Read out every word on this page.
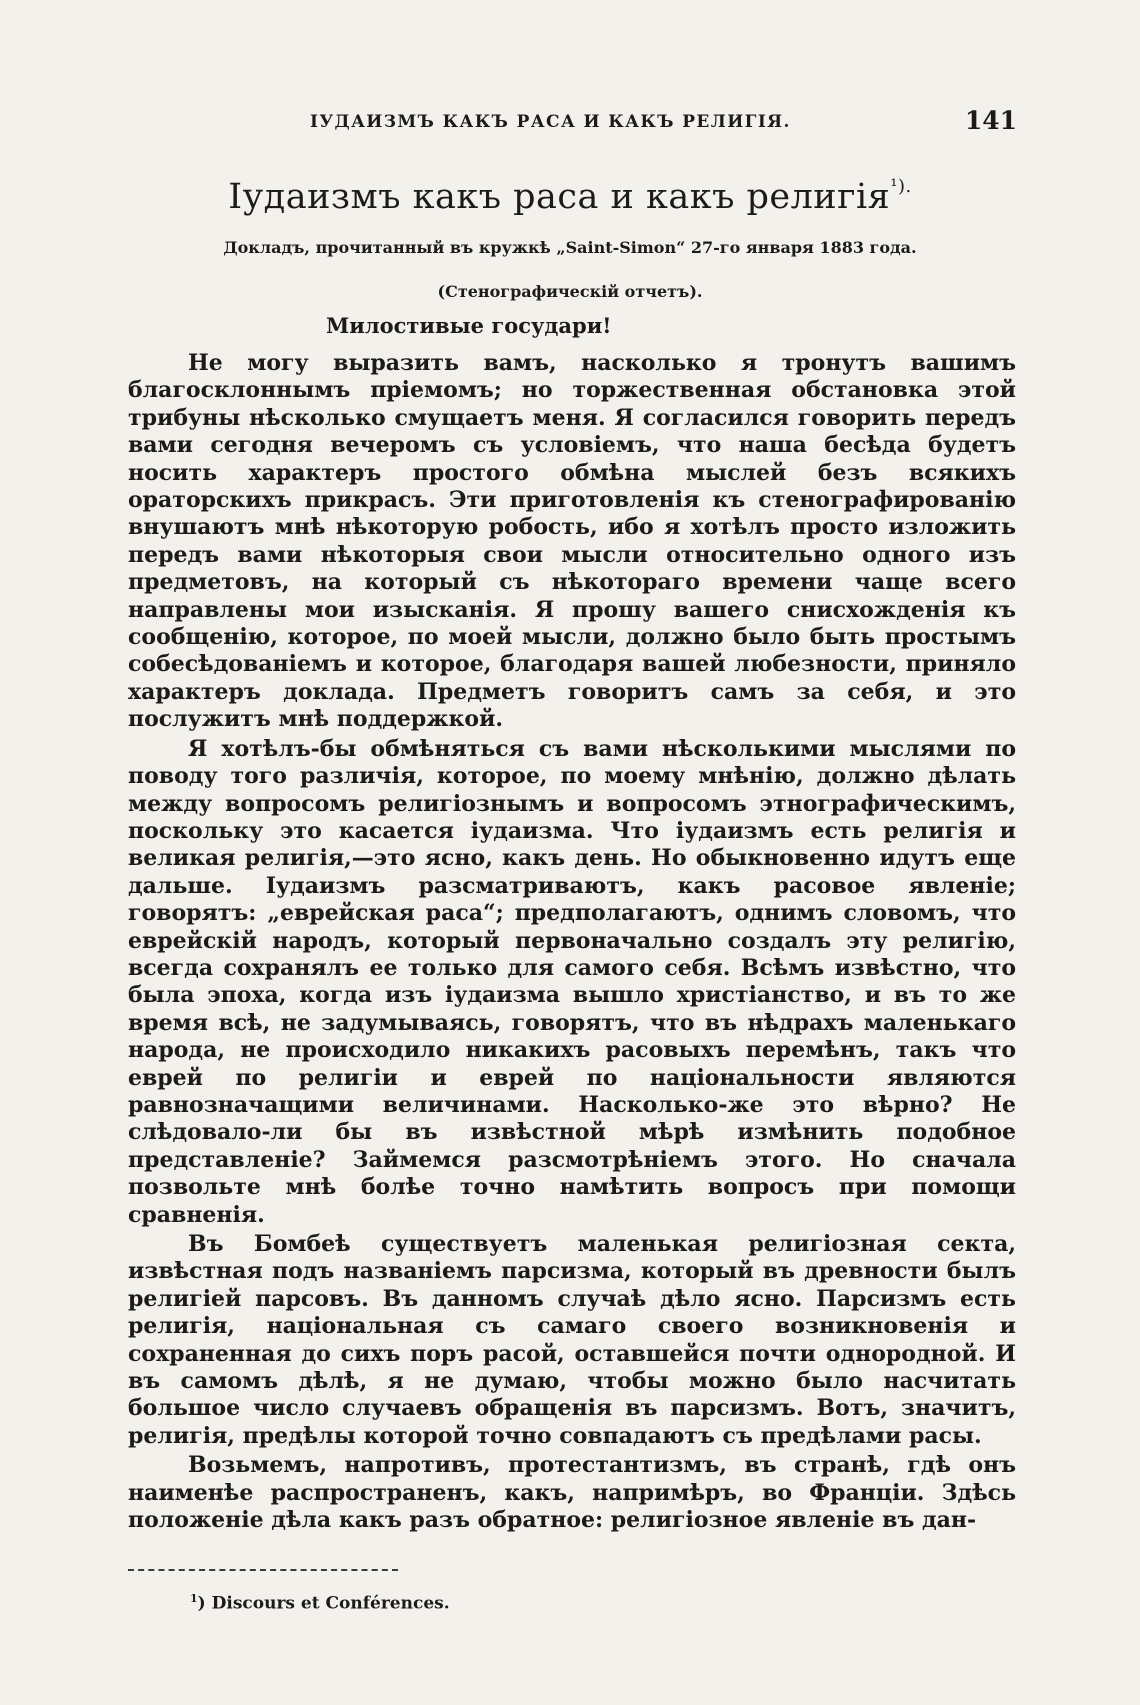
IУДАИЗМЪ КАКЪ РАСА И КАКЪ РЕЛИГІЯ.	141
Іудаизмъ какъ раса и какъ религія$^{^1).}$
Докладъ, прочитанный въ кружкѣ „Saint-Simon“ 27-го января 1883 года.
(Стенографическій отчетъ).
Милостивые государи!

Не могу выразить вамъ, насколько я тронутъ вашимъ благосклоннымъ пріемомъ; но торжественная обстановка этой трибуны нѣсколько смущаетъ меня. Я согласился говорить передъ вами сегодня вечеромъ съ условіемъ, что наша бесѣда будетъ носить характеръ простого обмѣна мыслей безъ всякихъ ораторскихъ прикрасъ. Эти приготовленія къ стенографированію внушаютъ мнѣ нѣкоторую робость, ибо я хотѣлъ просто изложить передъ вами нѣкоторыя свои мысли относительно одного изъ предметовъ, на который съ нѣкотораго времени чаще всего направлены мои изысканія. Я прошу вашего снисхожденія къ сообщенію, которое, по моей мысли, должно было быть простымъ собесѣдованіемъ и которое, благодаря вашей любезности, приняло характеръ доклада. Предметъ говоритъ самъ за себя, и это послужитъ мнѣ поддержкой.

Я хотѣлъ-бы обмѣняться съ вами нѣсколькими мыслями по поводу того различія, которое, по моему мнѣнію, должно дѣлать между вопросомъ религіознымъ и вопросомъ этнографическимъ, поскольку это касается іудаизма. Что іудаизмъ есть религія и великая религія,—это ясно, какъ день. Но обыкновенно идутъ еще дальше. Іудаизмъ разсматриваютъ, какъ расовое явленіе; говорятъ: „еврейская раса“; предполагаютъ, однимъ словомъ, что еврейскій народъ, который первоначально создалъ эту религію, всегда сохранялъ ее только для самого себя. Всѣмъ извѣстно, что была эпоха, когда изъ іудаизма вышло христіанство, и въ то же время всѣ, не задумываясь, говорятъ, что въ нѣдрахъ маленькаго народа, не происходило никакихъ расовыхъ перемѣнъ, такъ что еврей по религіи и еврей по національности являются равнозначащими величинами. Насколько-же это вѣрно? Не слѣдовало-ли бы въ извѣстной мѣрѣ измѣнить подобное представленіе? Займемся разсмотрѣніемъ этого. Но сначала позвольте мнѣ болѣе точно намѣтить вопросъ при помощи сравненія.

Въ Бомбеѣ существуетъ маленькая религіозная секта, извѣстная подъ названіемъ парсизма, который въ древности былъ религіей парсовъ. Въ данномъ случаѣ дѣло ясно. Парсизмъ есть религія, національная съ самаго своего возникновенія и сохраненная до сихъ поръ расой, оставшейся почти однородной. И въ самомъ дѣлѣ, я не думаю, чтобы можно было насчитать большое число случаевъ обращенія въ парсизмъ. Вотъ, значитъ, религія, предѣлы которой точно совпадаютъ съ предѣлами расы.

Возьмемъ, напротивъ, протестантизмъ, въ странѣ, гдѣ онъ наименѣе распространенъ, какъ, напримѣръ, во Франціи. Здѣсь положеніе дѣла какъ разъ обратное: религіозное явленіе въ дан-

$^1$) Discours et Conférences.
